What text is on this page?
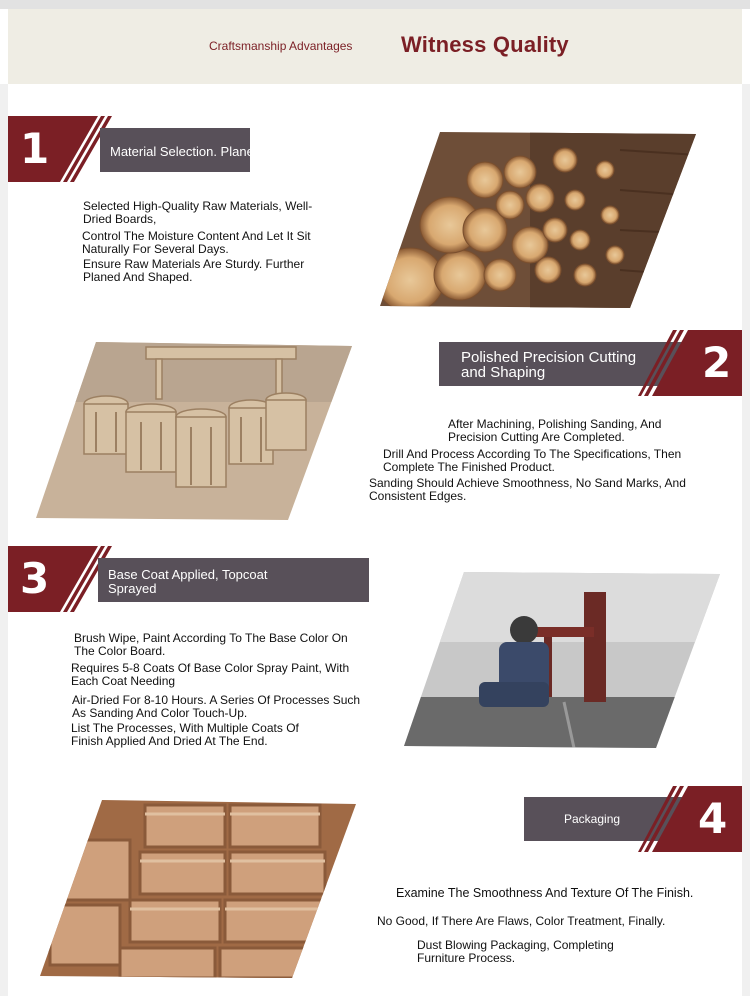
Craftsmanship Advantages Witness Quality
1	Material Selection. Planed.
Selected High-Quality Raw Materials, Well-Dried Boards,
Control The Moisture Content And Let It Sit Naturally For Several Days.
Ensure Raw Materials Are Sturdy. Further Planed And Shaped.
Polished Precision Cutting and Shaping	2
After Machining, Polishing Sanding, And Precision Cutting Are Completed.
Drill And Process According To The Specifications, Then Complete The Finished Product.
Sanding Should Achieve Smoothness, No Sand Marks, And Consistent Edges.
3	Base Coat Applied, Topcoat Sprayed
Brush Wipe, Paint According To The Base Color On The Color Board.
Requires 5-8 Coats Of Base Color Spray Paint, With Each Coat Needing
Air-Dried For 8-10 Hours. A Series Of Processes Such As Sanding And Color Touch-Up.
List The Processes, With Multiple Coats Of Finish Applied And Dried At The End.
Packaging	4
Examine The Smoothness And Texture Of The Finish.
No Good, If There Are Flaws, Color Treatment, Finally.
Dust Blowing Packaging, Completing Furniture Process.
